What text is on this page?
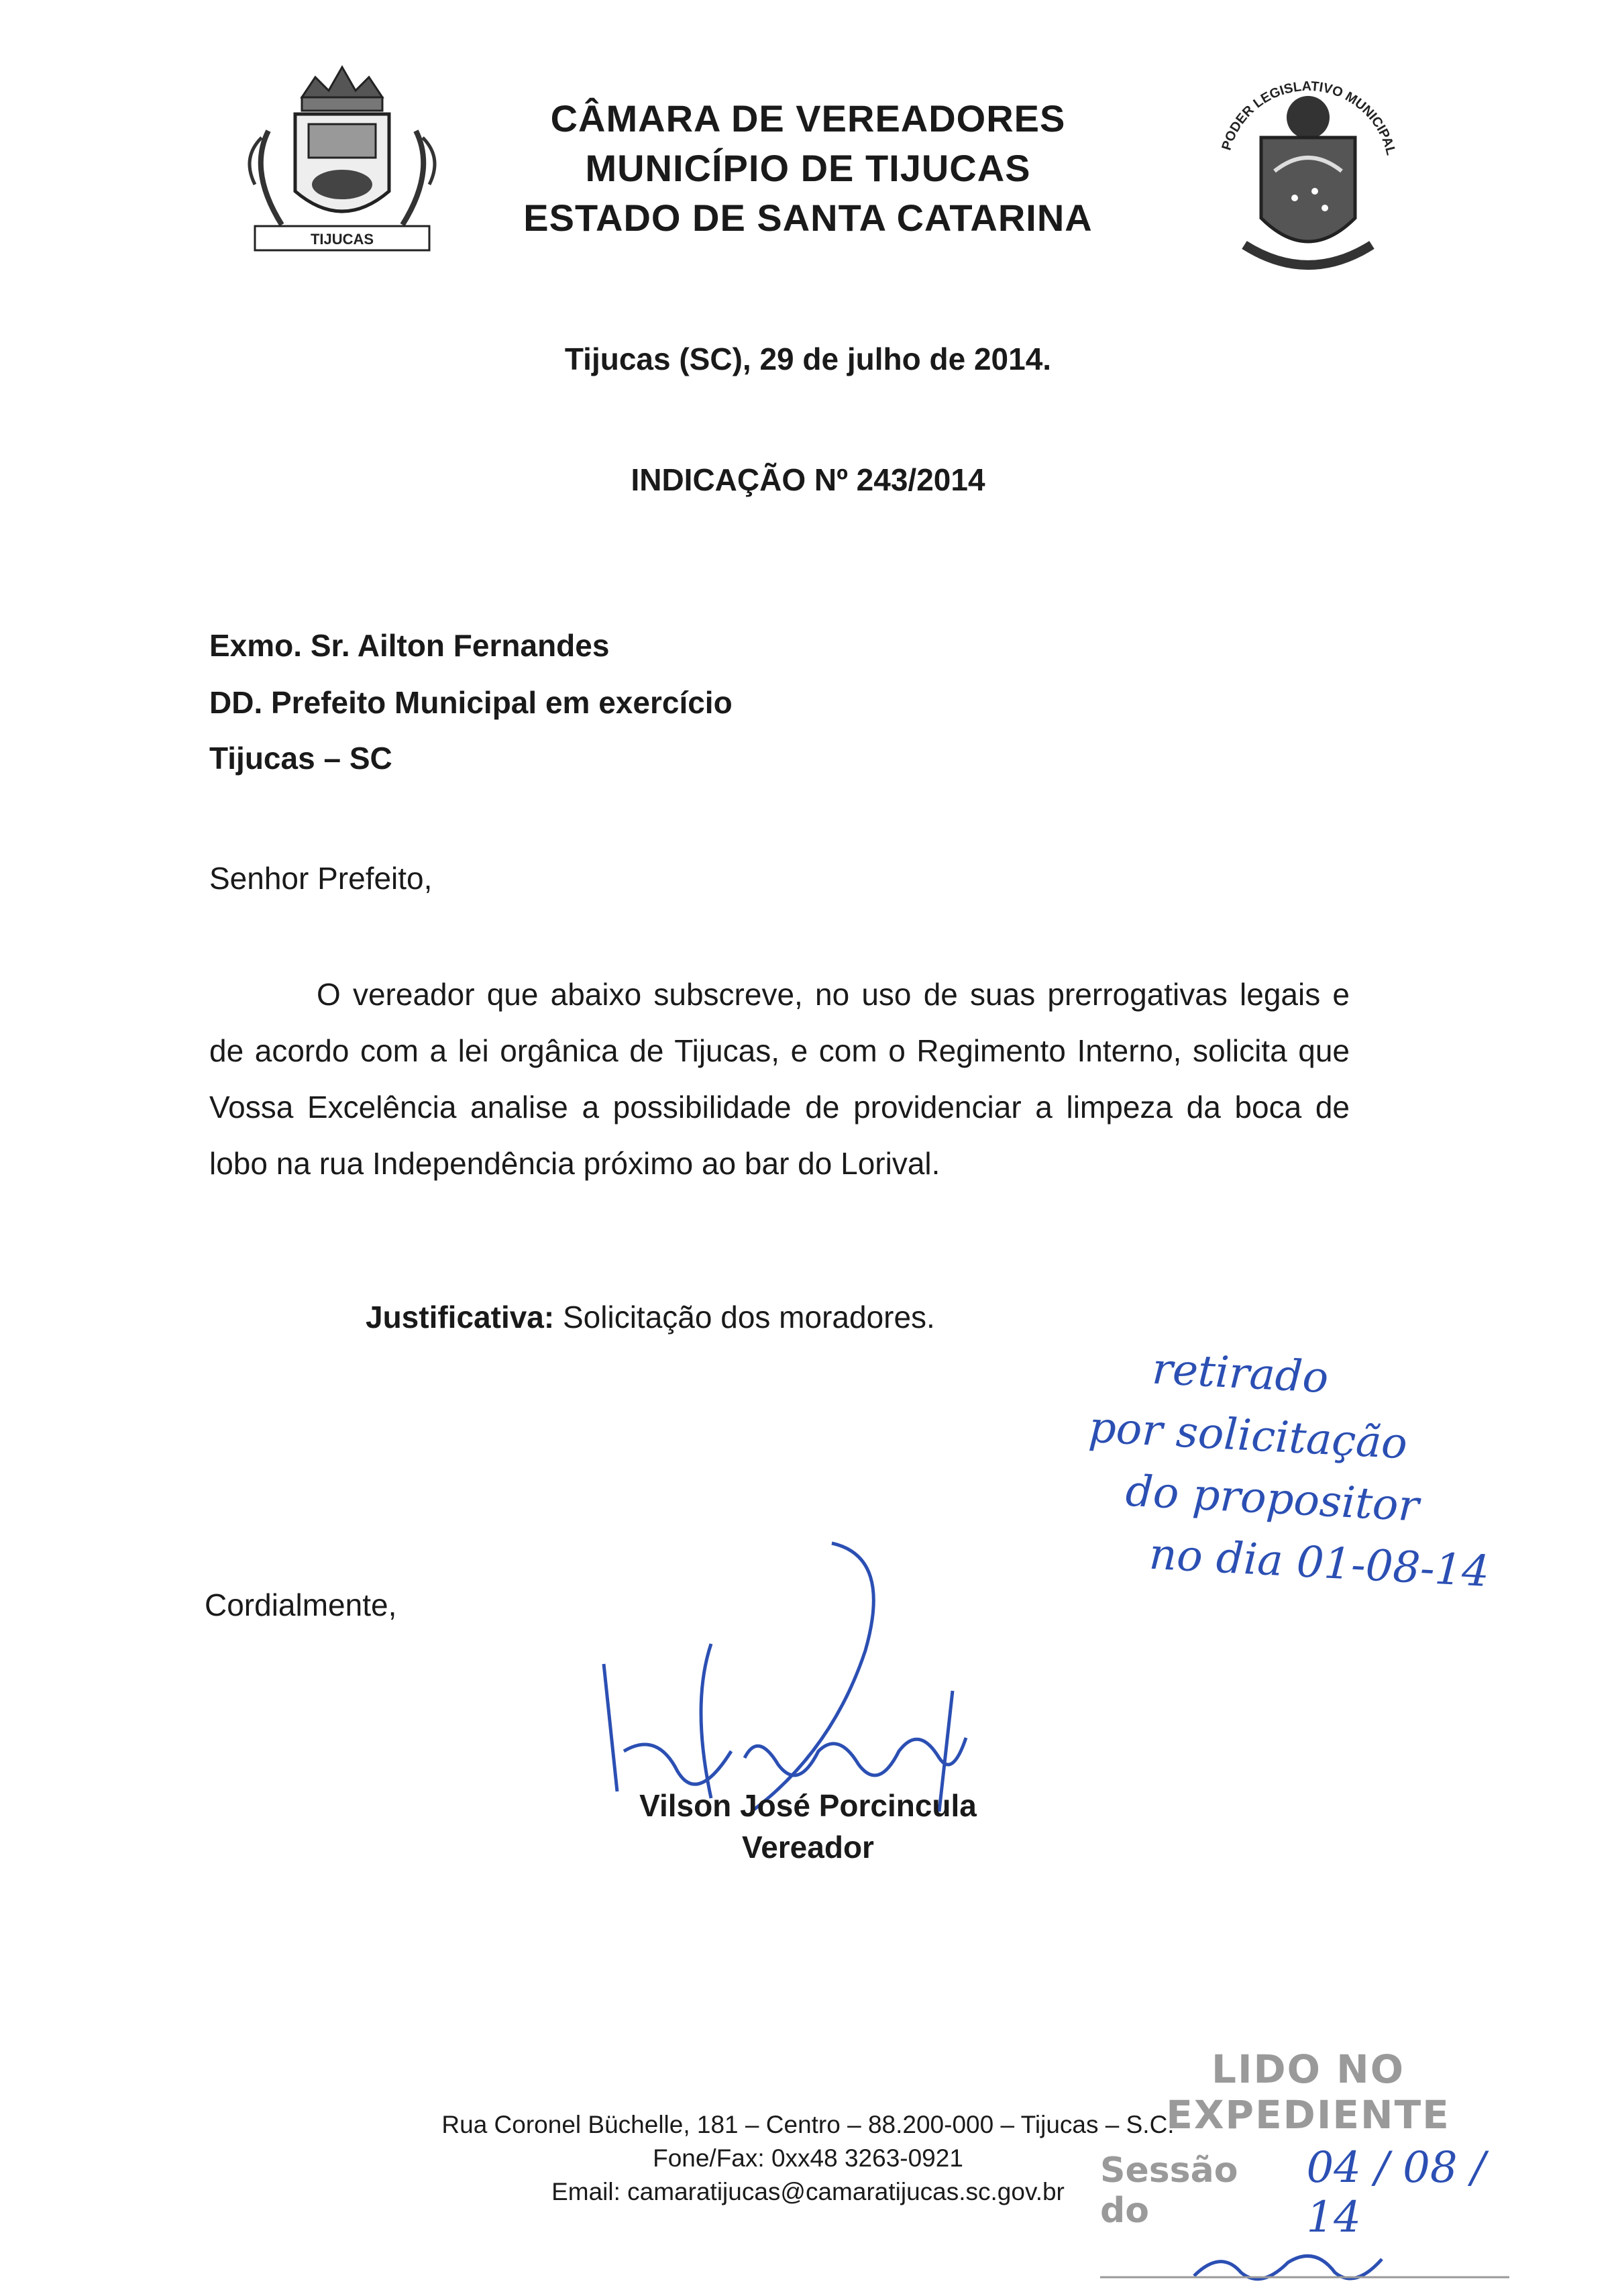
TIJUCAS
CÂMARA DE VEREADORES
MUNICÍPIO DE TIJUCAS
ESTADO DE SANTA CATARINA
PODER LEGISLATIVO MUNICIPAL
Tijucas (SC), 29 de julho de 2014.
INDICAÇÃO Nº 243/2014
Exmo. Sr. Ailton Fernandes
DD. Prefeito Municipal em exercício
Tijucas – SC
Senhor Prefeito,
O vereador que abaixo subscreve, no uso de suas prerrogativas legais e de acordo com a lei orgânica de Tijucas, e com o Regimento Interno, solicita que Vossa Excelência analise a possibilidade de providenciar a limpeza da boca de lobo na rua Independência próximo ao bar do Lorival.
Justificativa: Solicitação dos moradores.
retirado
por solicitação
do propositor
no dia 01-08-14
Cordialmente,
Vilson José Porcincula
Vereador
LIDO NO EXPEDIENTE
Sessão do
04 / 08 / 14
Rua Coronel Büchelle, 181 – Centro – 88.200-000 – Tijucas – S.C.
Fone/Fax: 0xx48 3263-0921
Email: camaratijucas@camaratijucas.sc.gov.br
